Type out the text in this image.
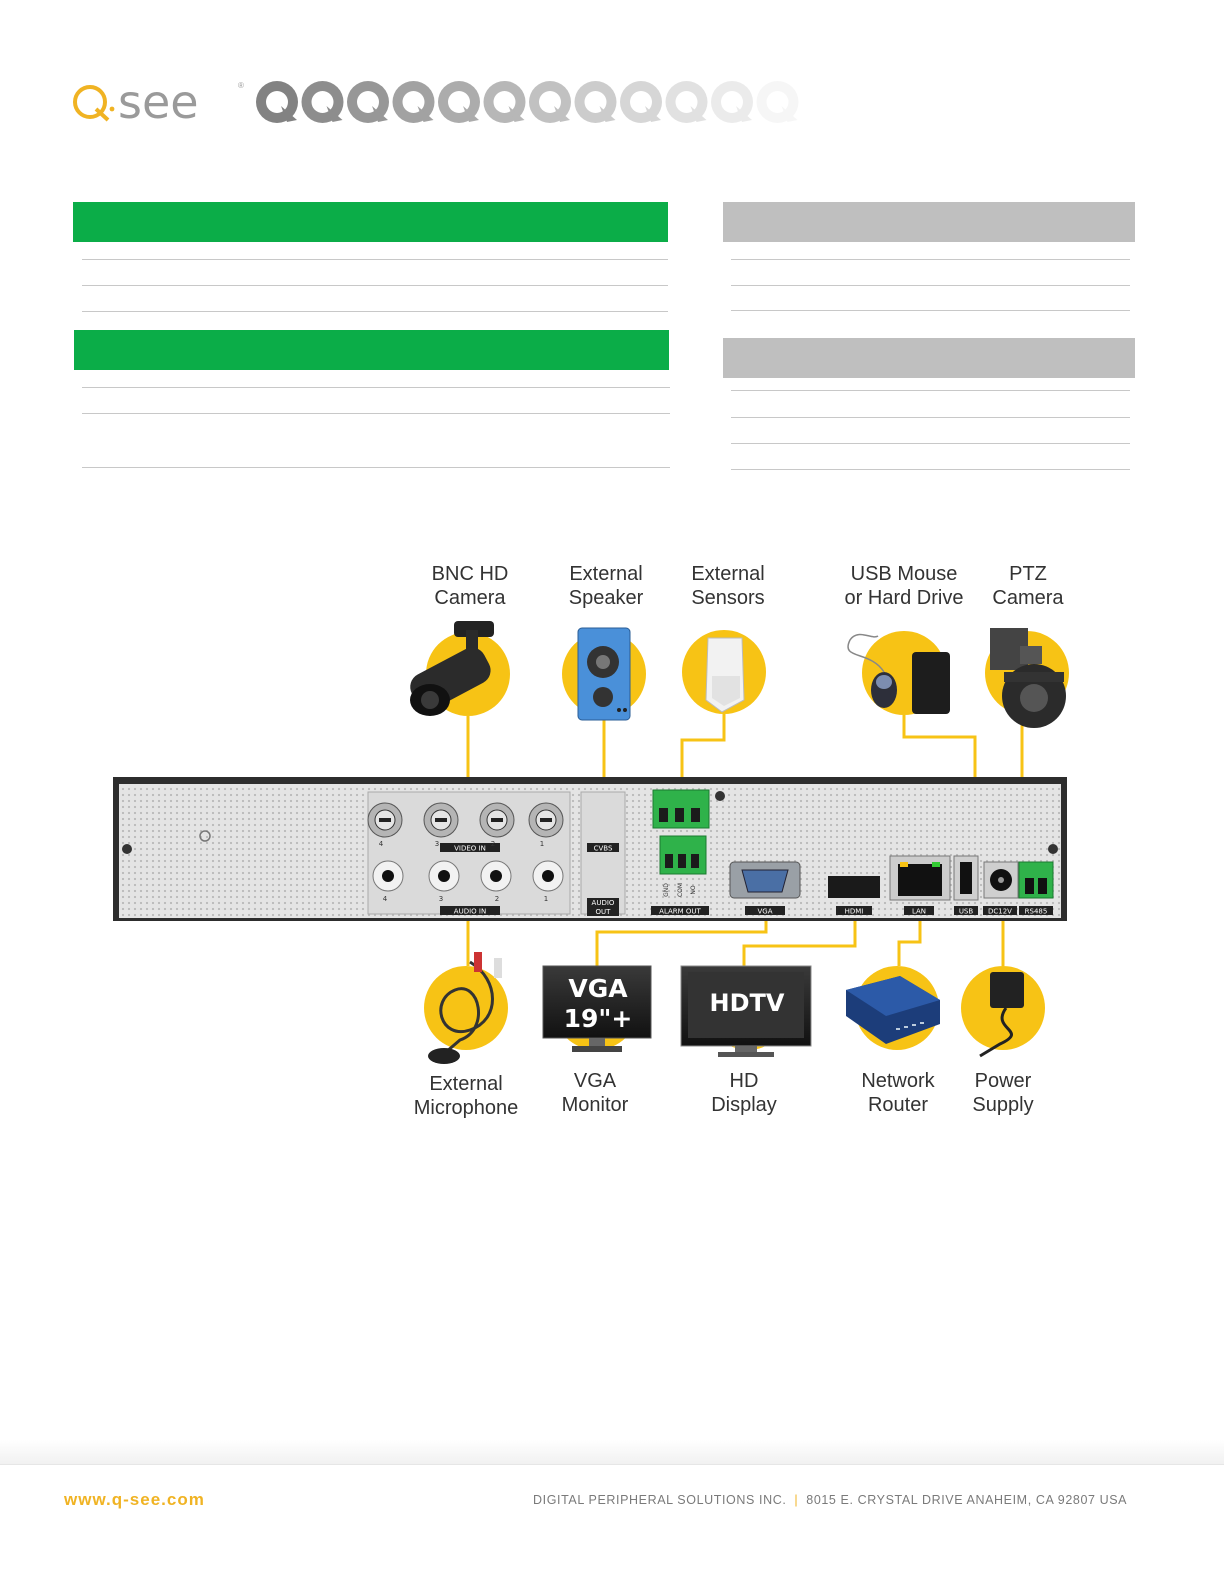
see	®
VGA
19"+
HDTV
VIDEO IN
AUDIO IN
CVBS
AUDIO
OUT	ALARM OUT	VGA	HDMI	LAN	USB DC12V RS485
4
4
3
3
2
2
1
1
GND COM NO
BNC HD
Camera
External
Speaker
External
Sensors
USB Mouse
or Hard Drive
PTZ
Camera
External
Microphone
VGA
Monitor
HD
Display
Network
Router
Power
Supply
www.q-see.com	DIGITAL PERIPHERAL SOLUTIONS INC. | 8015 E. CRYSTAL DRIVE ANAHEIM, CA 92807 USA
